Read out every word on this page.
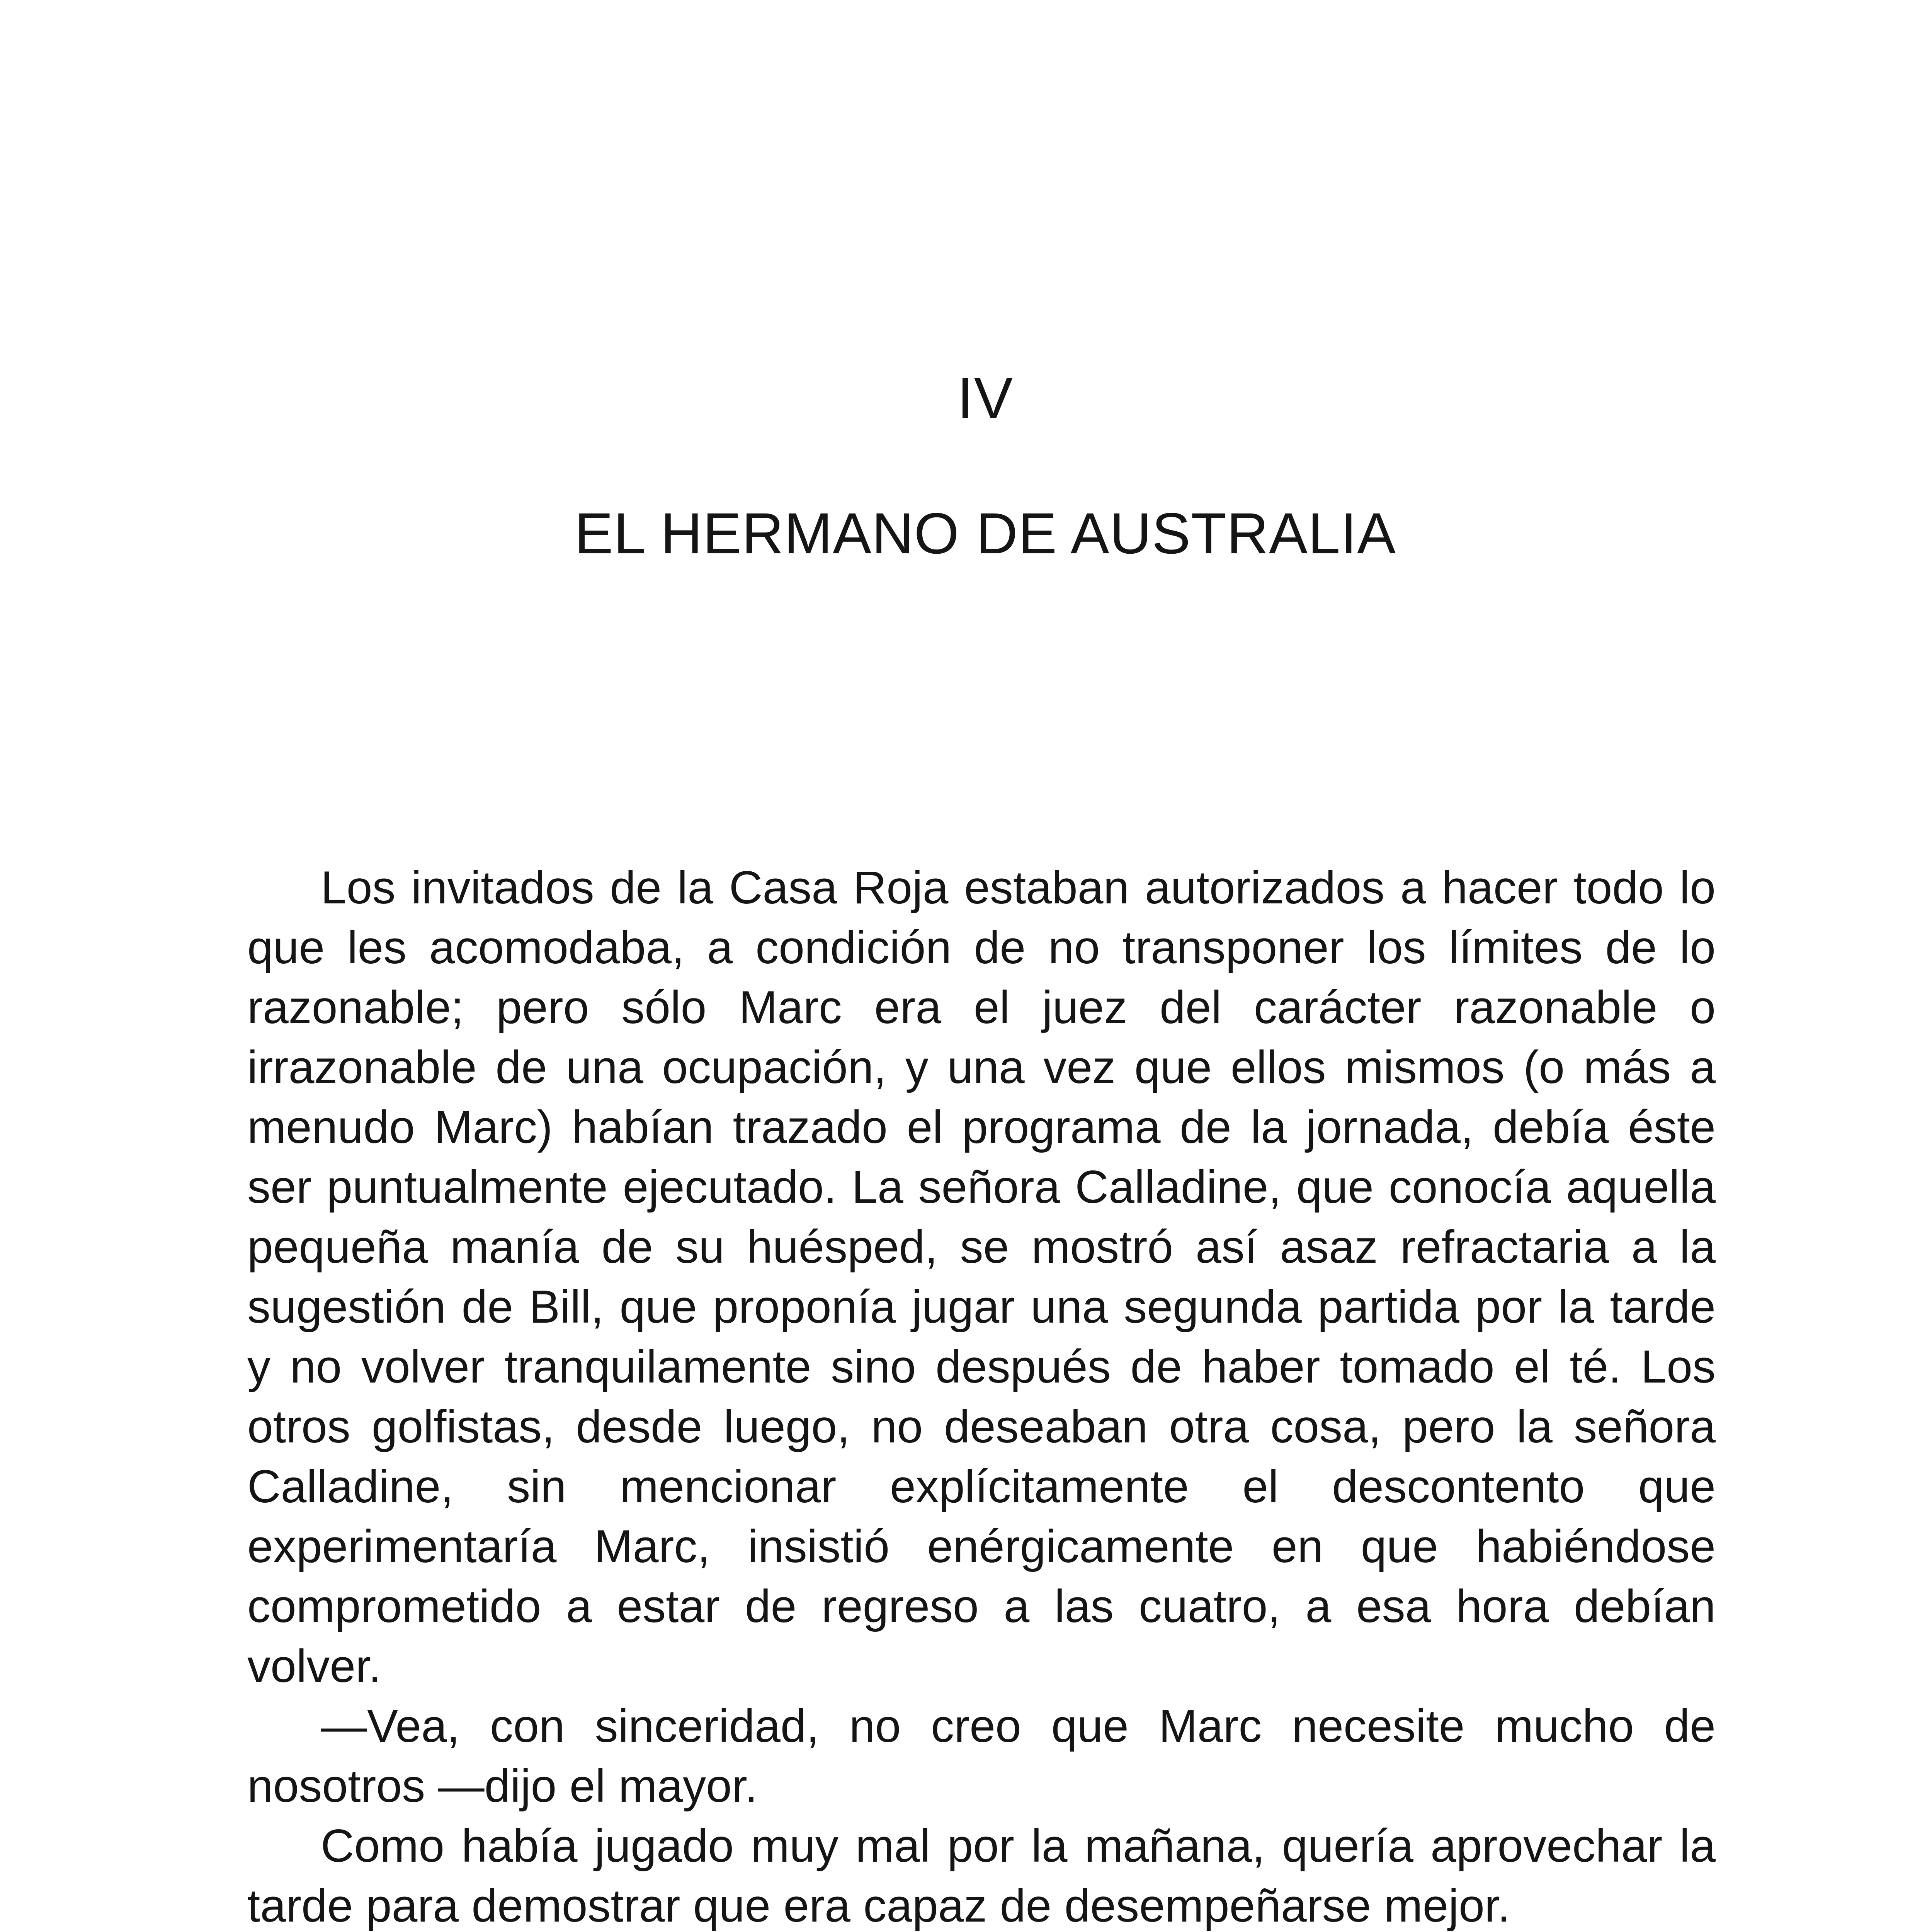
IV
EL HERMANO DE AUSTRALIA

Los invitados de la Casa Roja estaban autorizados a hacer todo lo que les acomodaba, a condición de no transponer los límites de lo razonable; pero sólo Marc era el juez del carácter razonable o irrazonable de una ocupación, y una vez que ellos mismos (o más a menudo Marc) habían trazado el programa de la jornada, debía éste ser puntualmente ejecutado. La señora Calladine, que conocía aquella pequeña manía de su huésped, se mostró así asaz refractaria a la sugestión de Bill, que proponía jugar una segunda partida por la tarde y no volver tranquilamente sino después de haber tomado el té. Los otros golfistas, desde luego, no deseaban otra cosa, pero la señora Calladine, sin mencionar explícitamente el descontento que experimentaría Marc, insistió enérgicamente en que habiéndose comprometido a estar de regreso a las cuatro, a esa hora debían volver.

—Vea, con sinceridad, no creo que Marc necesite mucho de nosotros —dijo el mayor.

Como había jugado muy mal por la mañana, quería aprovechar la tarde para demostrar que era capaz de desempeñarse mejor.
